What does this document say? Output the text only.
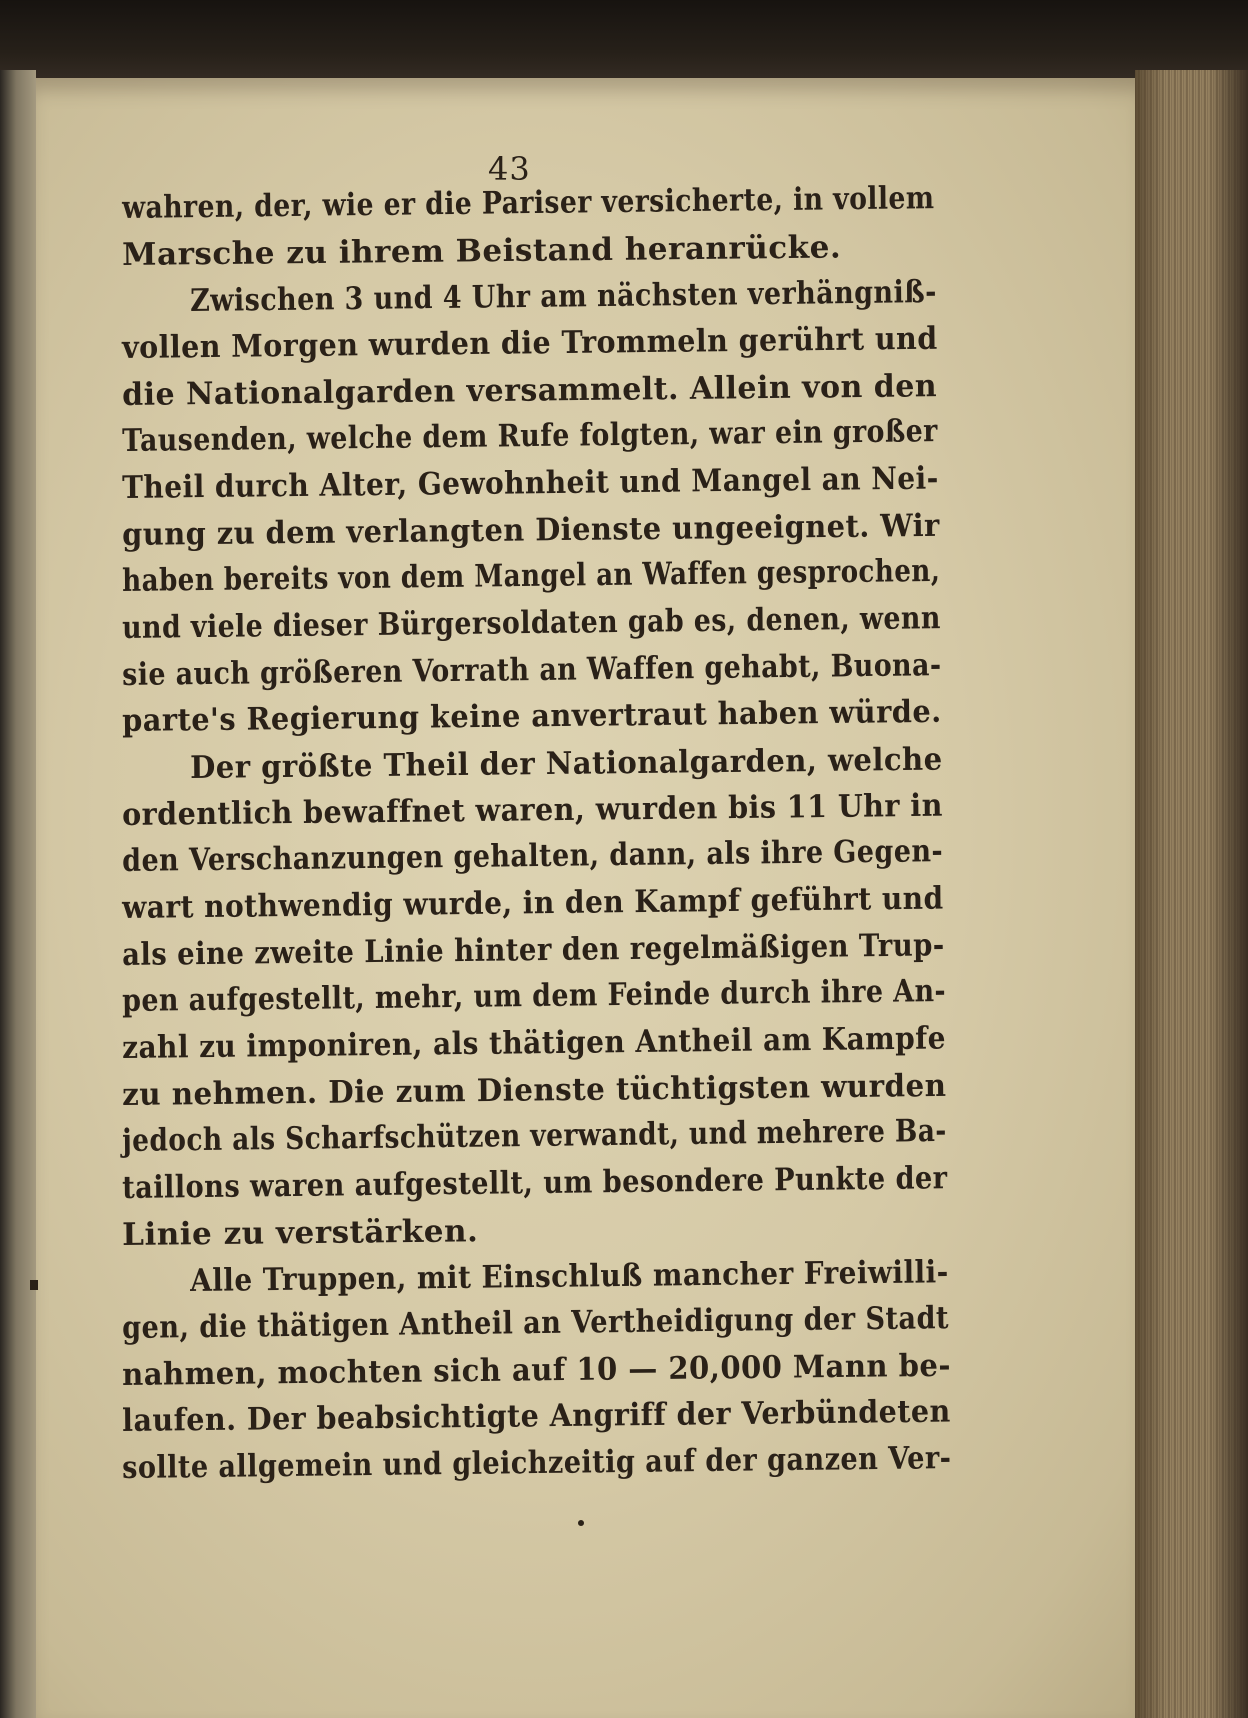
43
wahren, der, wie er die Pariser versicherte, in vollem
Marsche zu ihrem Beistand heranrücke.
Zwischen 3 und 4 Uhr am nächsten verhängniß-
vollen Morgen wurden die Trommeln gerührt und
die Nationalgarden versammelt. Allein von den
Tausenden, welche dem Rufe folgten, war ein großer
Theil durch Alter, Gewohnheit und Mangel an Nei-
gung zu dem verlangten Dienste ungeeignet. Wir
haben bereits von dem Mangel an Waffen gesprochen,
und viele dieser Bürgersoldaten gab es, denen, wenn
sie auch größeren Vorrath an Waffen gehabt, Buona-
parte's Regierung keine anvertraut haben würde.
Der größte Theil der Nationalgarden, welche
ordentlich bewaffnet waren, wurden bis 11 Uhr in
den Verschanzungen gehalten, dann, als ihre Gegen-
wart nothwendig wurde, in den Kampf geführt und
als eine zweite Linie hinter den regelmäßigen Trup-
pen aufgestellt, mehr, um dem Feinde durch ihre An-
zahl zu imponiren, als thätigen Antheil am Kampfe
zu nehmen. Die zum Dienste tüchtigsten wurden
jedoch als Scharfschützen verwandt, und mehrere Ba-
taillons waren aufgestellt, um besondere Punkte der
Linie zu verstärken.
Alle Truppen, mit Einschluß mancher Freiwilli-
gen, die thätigen Antheil an Vertheidigung der Stadt
nahmen, mochten sich auf 10 — 20,000 Mann be-
laufen. Der beabsichtigte Angriff der Verbündeten
sollte allgemein und gleichzeitig auf der ganzen Ver-
